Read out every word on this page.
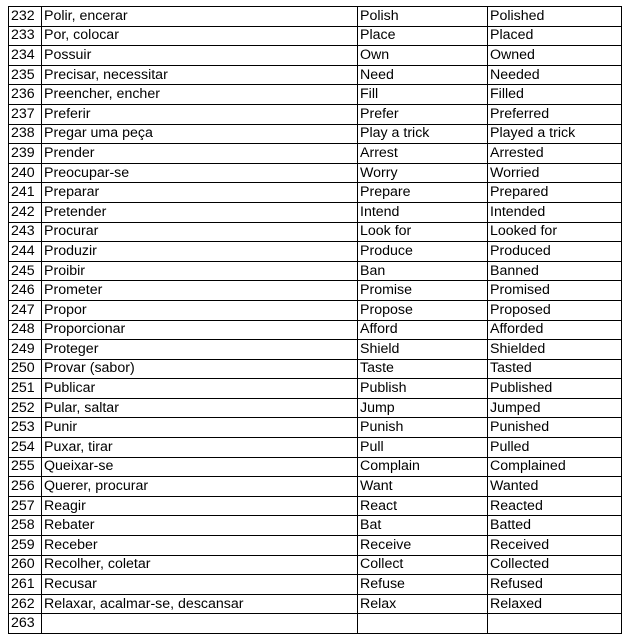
232	Polir, encerar	Polish	Polished
233	Por, colocar	Place	Placed
234	Possuir	Own	Owned
235	Precisar, necessitar	Need	Needed
236	Preencher, encher	Fill	Filled
237	Preferir	Prefer	Preferred
238	Pregar uma peça	Play a trick	Played a trick
239	Prender	Arrest	Arrested
240	Preocupar-se	Worry	Worried
241	Preparar	Prepare	Prepared
242	Pretender	Intend	Intended
243	Procurar	Look for	Looked for
244	Produzir	Produce	Produced
245	Proibir	Ban	Banned
246	Prometer	Promise	Promised
247	Propor	Propose	Proposed
248	Proporcionar	Afford	Afforded
249	Proteger	Shield	Shielded
250	Provar (sabor)	Taste	Tasted
251	Publicar	Publish	Published
252	Pular, saltar	Jump	Jumped
253	Punir	Punish	Punished
254	Puxar, tirar	Pull	Pulled
255	Queixar-se	Complain	Complained
256	Querer, procurar	Want	Wanted
257	Reagir	React	Reacted
258	Rebater	Bat	Batted
259	Receber	Receive	Received
260	Recolher, coletar	Collect	Collected
261	Recusar	Refuse	Refused
262	Relaxar, acalmar-se, descansar	Relax	Relaxed
263			
